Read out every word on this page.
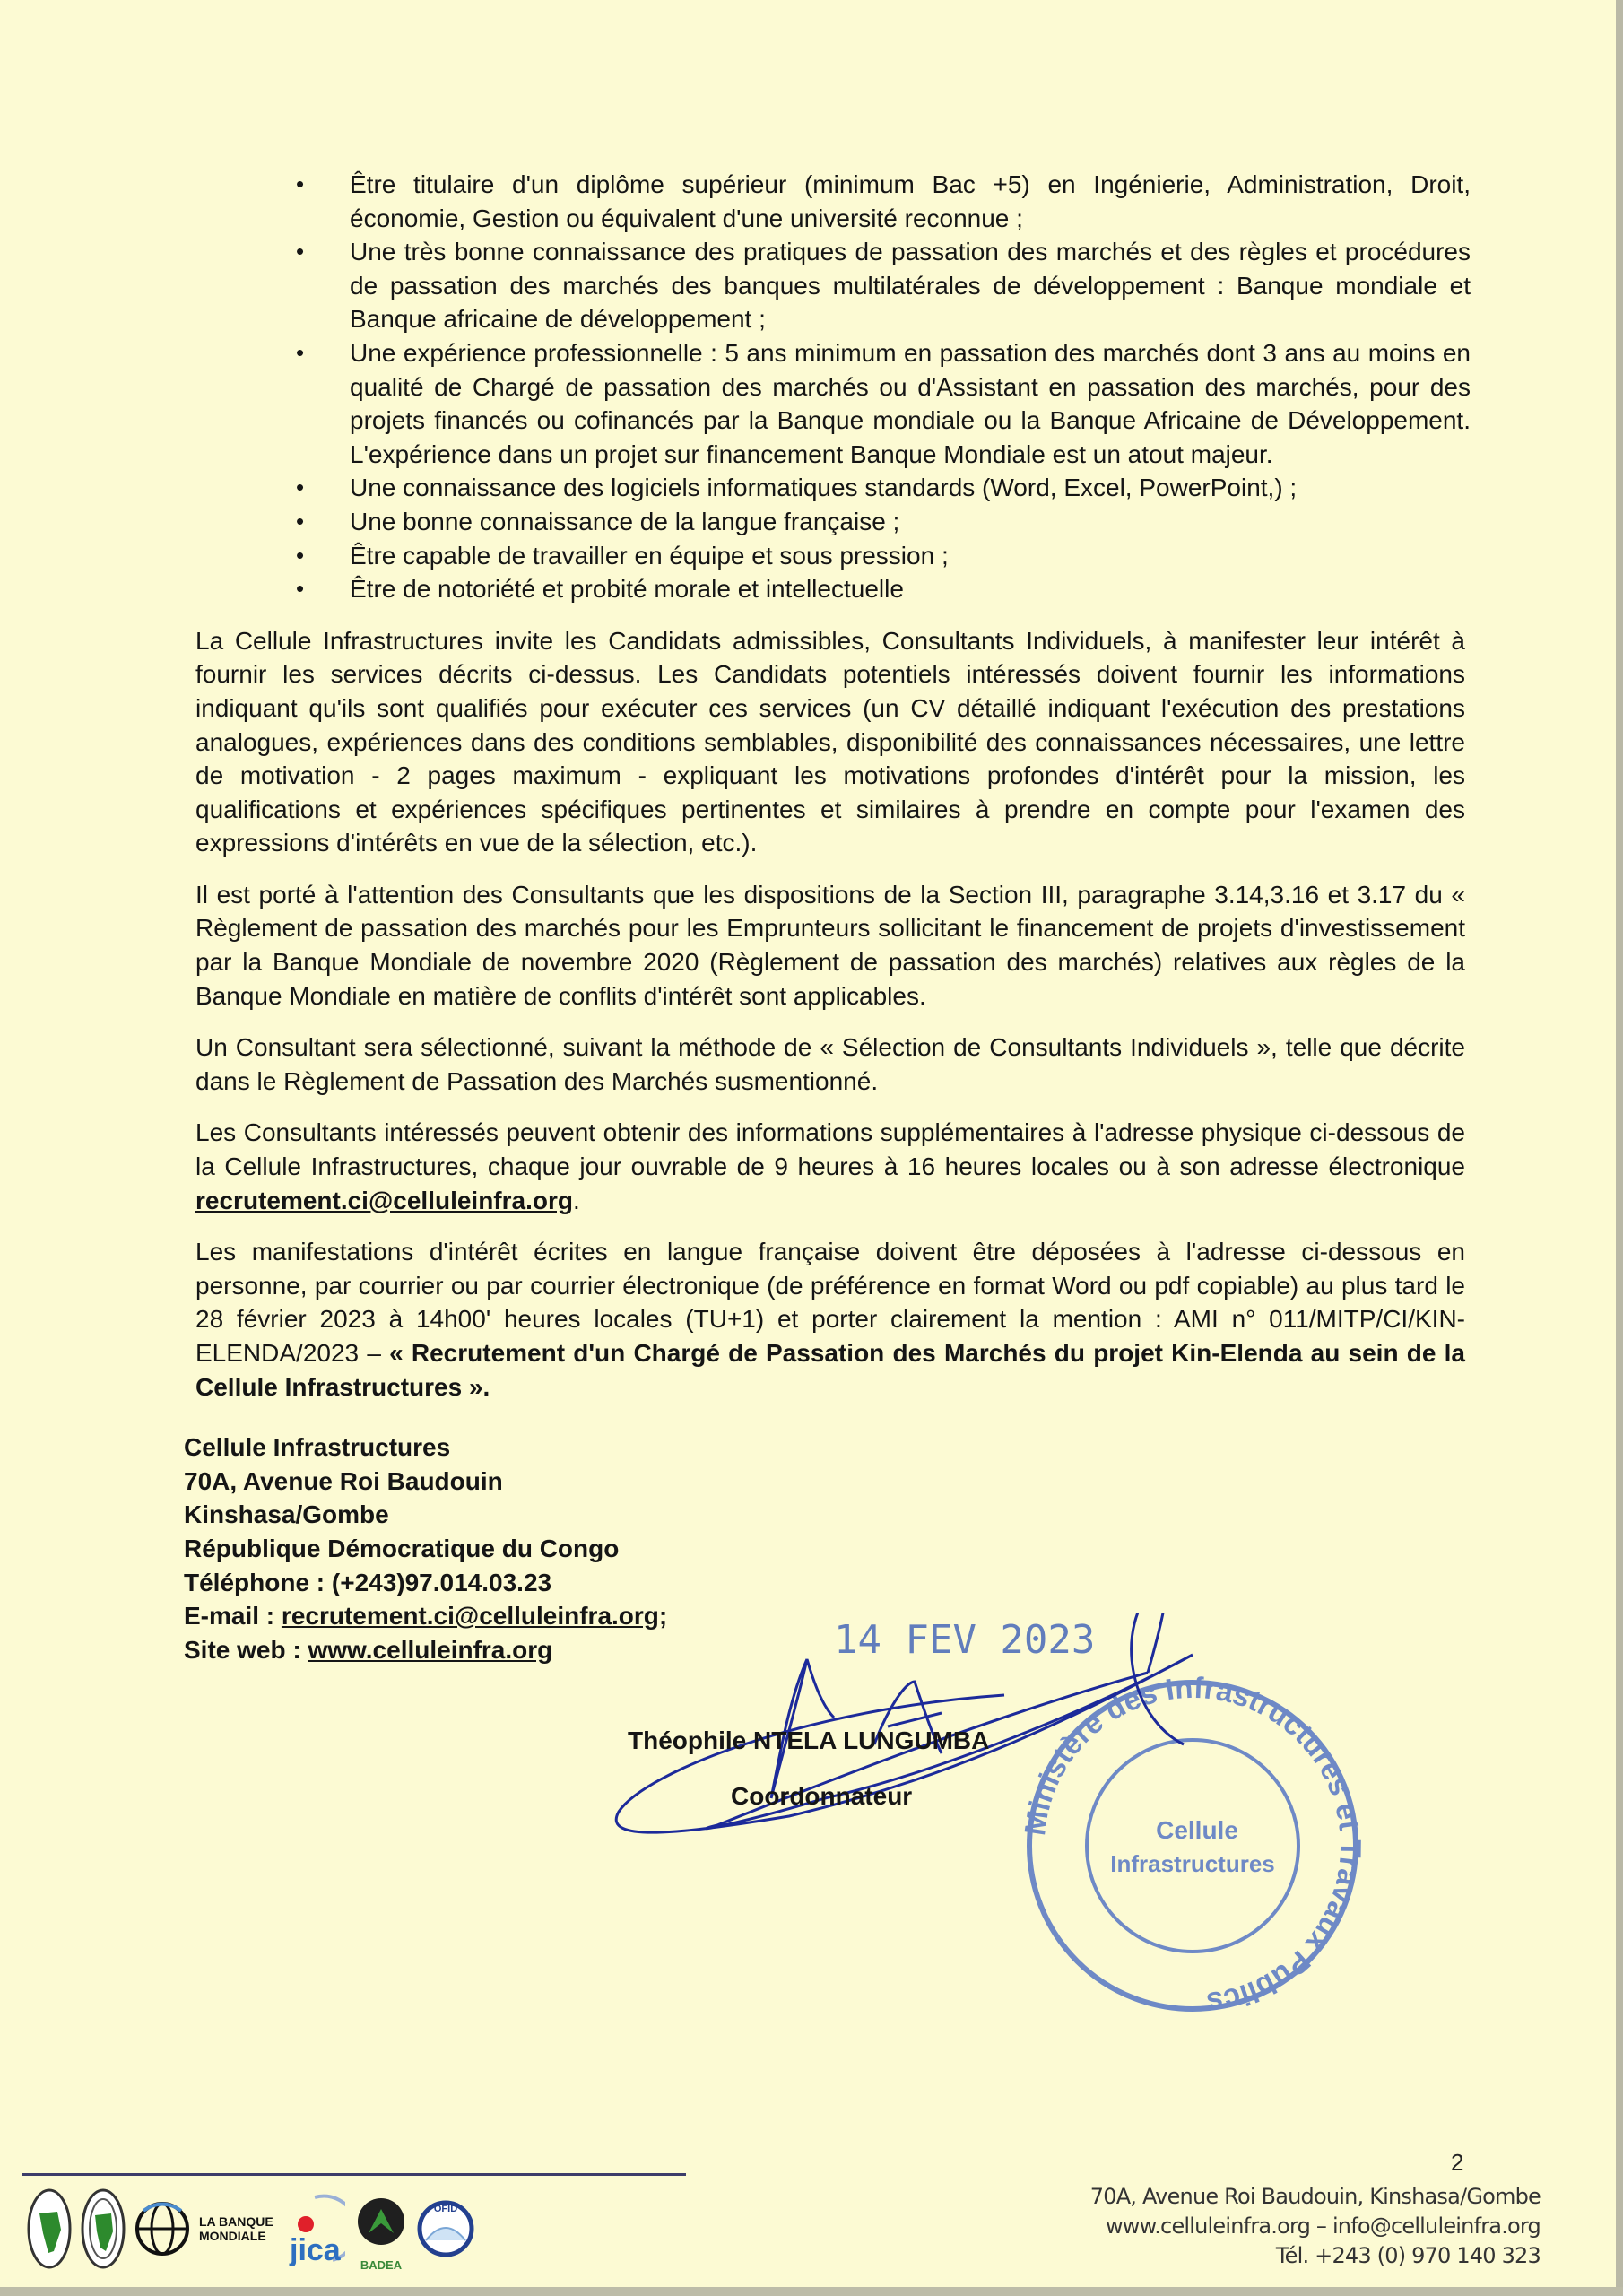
• Être titulaire d'un diplôme supérieur (minimum Bac +5) en Ingénierie, Administration, Droit, économie, Gestion ou équivalent d'une université reconnue ;
• Une très bonne connaissance des pratiques de passation des marchés et des règles et procédures de passation des marchés des banques multilatérales de développement : Banque mondiale et Banque africaine de développement ;
• Une expérience professionnelle : 5 ans minimum en passation des marchés dont 3 ans au moins en qualité de Chargé de passation des marchés ou d'Assistant en passation des marchés, pour des projets financés ou cofinancés par la Banque mondiale ou la Banque Africaine de Développement. L'expérience dans un projet sur financement Banque Mondiale est un atout majeur.
• Une connaissance des logiciels informatiques standards (Word, Excel, PowerPoint,) ;
• Une bonne connaissance de la langue française ;
• Être capable de travailler en équipe et sous pression ;
• Être de notoriété et probité morale et intellectuelle

La Cellule Infrastructures invite les Candidats admissibles, Consultants Individuels, à manifester leur intérêt à fournir les services décrits ci-dessus. Les Candidats potentiels intéressés doivent fournir les informations indiquant qu'ils sont qualifiés pour exécuter ces services (un CV détaillé indiquant l'exécution des prestations analogues, expériences dans des conditions semblables, disponibilité des connaissances nécessaires, une lettre de motivation - 2 pages maximum - expliquant les motivations profondes d'intérêt pour la mission, les qualifications et expériences spécifiques pertinentes et similaires à prendre en compte pour l'examen des expressions d'intérêts en vue de la sélection, etc.).

Il est porté à l'attention des Consultants que les dispositions de la Section III, paragraphe 3.14,3.16 et 3.17 du « Règlement de passation des marchés pour les Emprunteurs sollicitant le financement de projets d'investissement par la Banque Mondiale de novembre 2020 (Règlement de passation des marchés) relatives aux règles de la Banque Mondiale en matière de conflits d'intérêt sont applicables.

Un Consultant sera sélectionné, suivant la méthode de « Sélection de Consultants Individuels », telle que décrite dans le Règlement de Passation des Marchés susmentionné.

Les Consultants intéressés peuvent obtenir des informations supplémentaires à l'adresse physique ci-dessous de la Cellule Infrastructures, chaque jour ouvrable de 9 heures à 16 heures locales ou à son adresse électronique recrutement.ci@celluleinfra.org.

Les manifestations d'intérêt écrites en langue française doivent être déposées à l'adresse ci-dessous en personne, par courrier ou par courrier électronique (de préférence en format Word ou pdf copiable) au plus tard le 28 février 2023 à 14h00' heures locales (TU+1) et porter clairement la mention : AMI n° 011/MITP/CI/KIN-ELENDA/2023 – « Recrutement d'un Chargé de Passation des Marchés du projet Kin-Elenda au sein de la Cellule Infrastructures ».

Cellule Infrastructures
70A, Avenue Roi Baudouin
Kinshasa/Gombe
République Démocratique du Congo
Téléphone : (+243)97.014.03.23
E-mail : recrutement.ci@celluleinfra.org;
Site web : www.celluleinfra.org
Ministère des Infrastructures et Travaux Publics
Cellule
Infrastructures
14 FEV 2023
Théophile NTELA LUNGUMBA
Coordonnateur
LA BANQUE
MONDIALE jica BADEA
OFID
2
70A, Avenue Roi Baudouin, Kinshasa/Gombe
www.celluleinfra.org – info@celluleinfra.org
Tél. +243 (0) 970 140 323
